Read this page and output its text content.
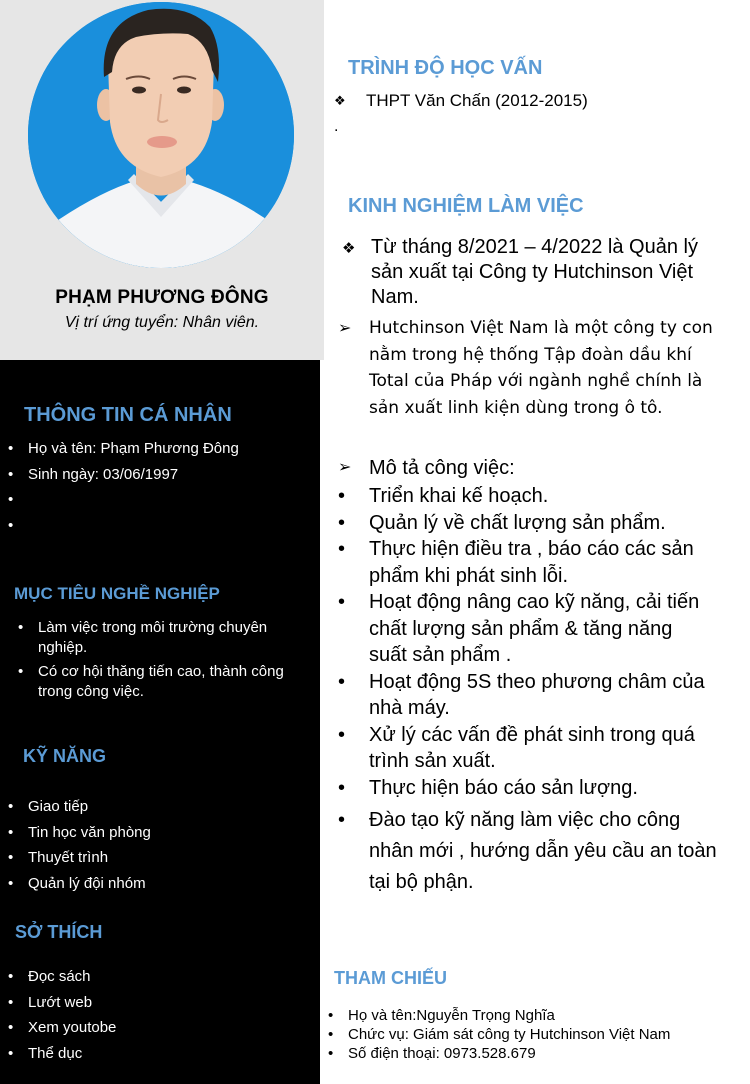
PHẠM PHƯƠNG ĐÔNG
Vị trí ứng tuyển: Nhân viên.
THÔNG TIN CÁ NHÂN
• Họ và tên: Phạm Phương Đông
• Sinh ngày: 03/06/1997
•
•
MỤC TIÊU NGHỀ NGHIỆP
• Làm việc trong môi trường chuyên nghiệp.
• Có cơ hội thăng tiến cao, thành công trong công việc.
KỸ NĂNG
• Giao tiếp
• Tin học văn phòng
• Thuyết trình
• Quản lý đội nhóm
SỞ THÍCH
• Đọc sách
• Lướt web
• Xem youtobe
• Thể dục
TRÌNH ĐỘ HỌC VẤN
❖ THPT Văn Chấn (2012-2015)
.
KINH NGHIỆM LÀM VIỆC
❖ Từ tháng 8/2021 – 4/2022 là Quản lý sản xuất tại Công ty Hutchinson Việt Nam.
➢ Hutchinson Việt Nam là một công ty con nằm trong hệ thống Tập đoàn dầu khí Total của Pháp với ngành nghề chính là sản xuất linh kiện dùng trong ô tô.
➢ Mô tả công việc:
• Triển khai kế hoạch.
• Quản lý về chất lượng sản phẩm.
• Thực hiện điều tra , báo cáo các sản phẩm khi phát sinh lỗi.
• Hoạt động nâng cao kỹ năng, cải tiến chất lượng sản phẩm & tăng năng suất sản phẩm .
• Hoạt động 5S theo phương châm của nhà máy.
• Xử lý các vấn đề phát sinh trong quá trình sản xuất.
• Thực hiện báo cáo sản lượng.
• Đào tạo kỹ năng làm việc cho công nhân mới , hướng dẫn yêu cầu an toàn tại bộ phận.
THAM CHIẾU
• Họ và tên:Nguyễn Trọng Nghĩa
• Chức vụ: Giám sát công ty Hutchinson Việt Nam
• Số điện thoại: 0973.528.679
